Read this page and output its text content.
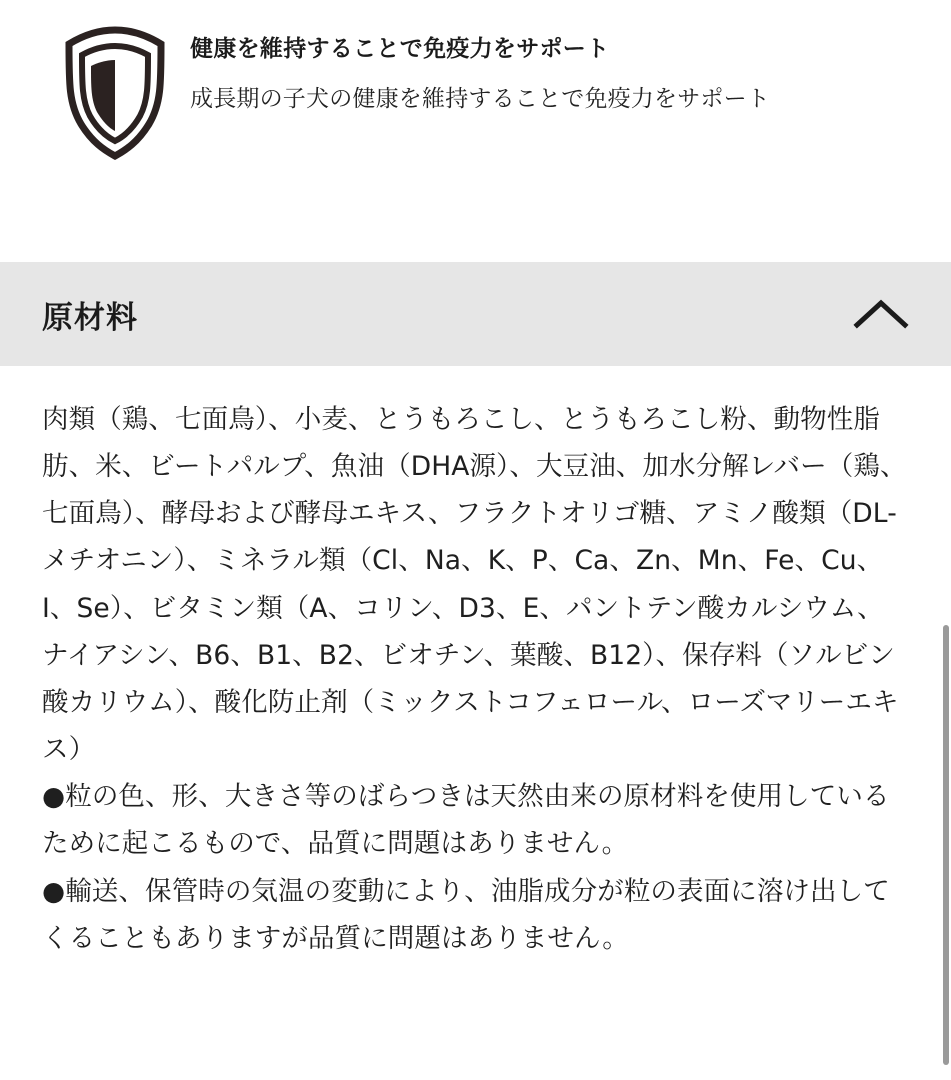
健康を維持することで免疫力をサポート

成長期の子犬の健康を維持することで免疫力をサポート

原材料

肉類（鶏、七面鳥）、小麦、とうもろこし、とうもろこし粉、動物性脂肪、米、ビートパルプ、魚油（DHA源）、大豆油、加水分解レバー（鶏、七面鳥）、酵母および酵母エキス、フラクトオリゴ糖、アミノ酸類（DL-メチオニン）、ミネラル類（Cl、Na、K、P、Ca、Zn、Mn、Fe、Cu、I、Se）、ビタミン類（A、コリン、D3、E、パントテン酸カルシウム、ナイアシン、B6、B1、B2、ビオチン、葉酸、B12）、保存料（ソルビン酸カリウム）、酸化防止剤（ミックストコフェロール、ローズマリーエキス）

●粒の色、形、大きさ等のばらつきは天然由来の原材料を使用しているために起こるもので、品質に問題はありません。

●輸送、保管時の気温の変動により、油脂成分が粒の表面に溶け出してくることもありますが品質に問題はありません。
